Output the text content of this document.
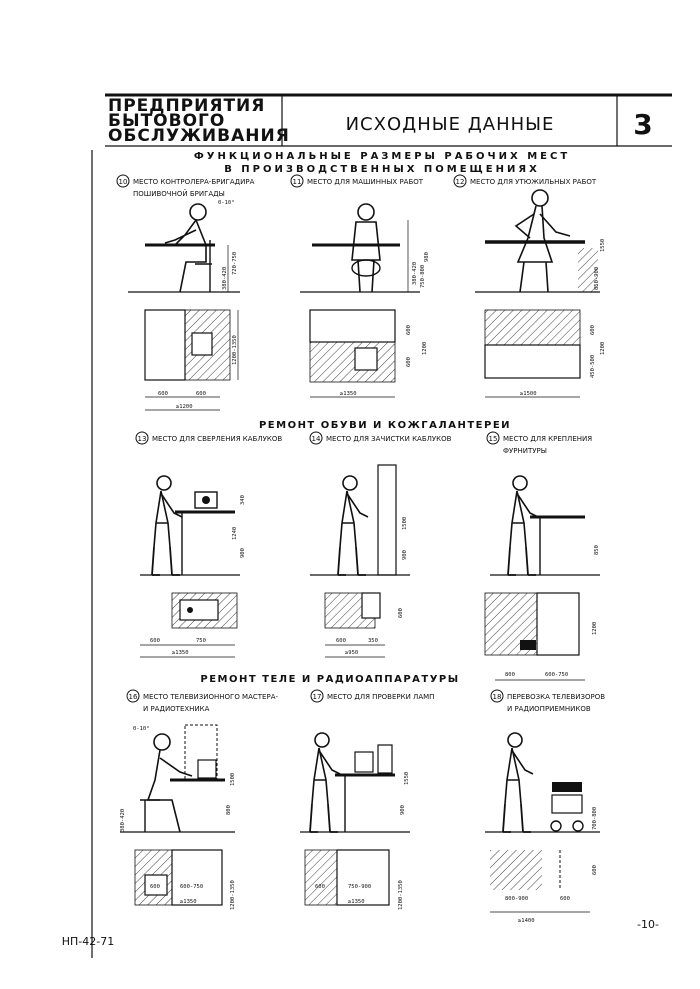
ПРЕДПРИЯТИЯ
БЫТОВОГО
ОБСЛУЖИВАНИЯ
ИСХОДНЫЕ ДАННЫЕ	3
ФУНКЦИОНАЛЬНЫЕ РАЗМЕРЫ РАБОЧИХ МЕСТ
В ПРОИЗВОДСТВЕННЫХ ПОМЕЩЕНИЯХ
10 МЕСТО КОНТРОЛЕРА-БРИГАДИРА
ПОШИВОЧНОЙ БРИГАДЫ
0-10°
380-420
720-750
1200-1350
600	600
≥1200
11 МЕСТО ДЛЯ МАШИННЫХ РАБОТ
980
380-420 750-800
600
1200
600
≥1350
12 МЕСТО ДЛЯ УТЮЖИЛЬНЫХ РАБОТ
1550
850-900
600
1200
450-500
≥1500
РЕМОНТ ОБУВИ И КОЖГАЛАНТЕРЕИ
13 МЕСТО ДЛЯ СВЕРЛЕНИЯ КАБЛУКОВ
340
1240
900
600	750
≥1350
14 МЕСТО ДЛЯ ЗАЧИСТКИ КАБЛУКОВ
1500
900
600
600	350
≥950
15 МЕСТО ДЛЯ КРЕПЛЕНИЯ
ФУРНИТУРЫ
850
1200
800	600-750
РЕМОНТ ТЕЛЕ И РАДИОАППАРАТУРЫ
16 МЕСТО ТЕЛЕВИЗИОННОГО МАСТЕРА-
И РАДИОТЕХНИКА
0-10°
1500
800
380-420
600	600-750
≥1350	1200-1350
17 МЕСТО ДЛЯ ПРОВЕРКИ ЛАМП
1550
900
600	750-900
≥1350	1200-1350
18 ПЕРЕВОЗКА ТЕЛЕВИЗОРОВ
И РАДИОПРИЕМНИКОВ
700-800
800-900	600
600
≥1400
НП-42-71
-10-
